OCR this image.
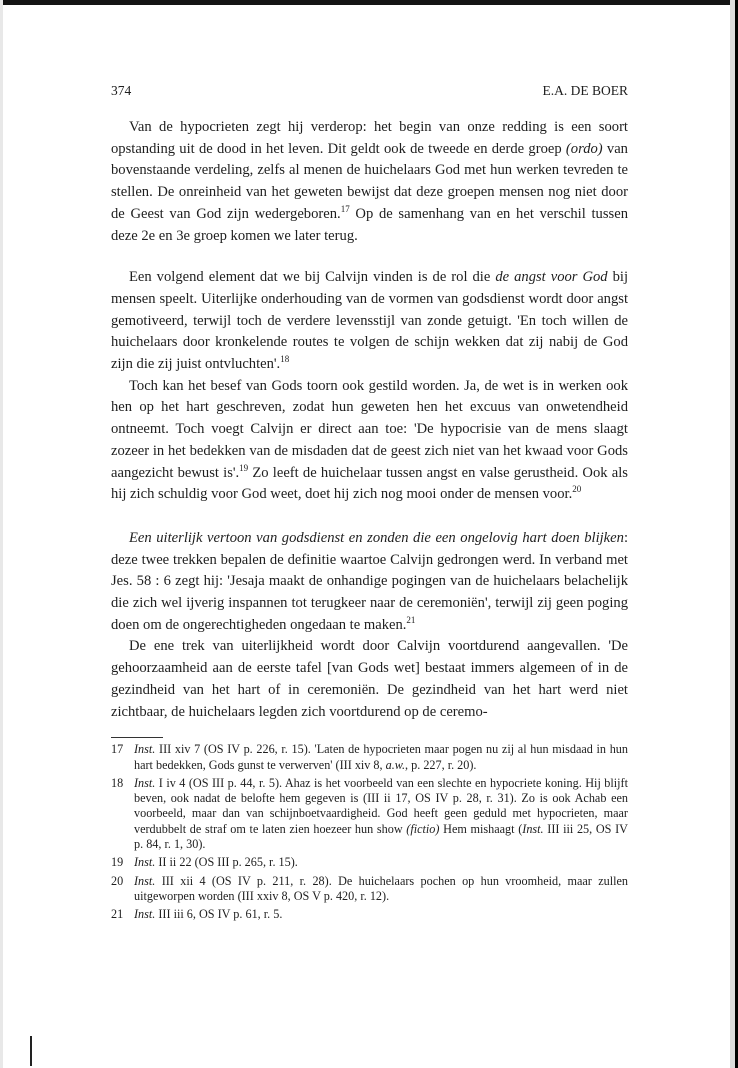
374	E.A. DE BOER

Van de hypocrieten zegt hij verderop: het begin van onze redding is een soort opstanding uit de dood in het leven. Dit geldt ook de tweede en derde groep (ordo) van bovenstaande verdeling, zelfs al menen de huichelaars God met hun werken tevreden te stellen. De onreinheid van het geweten bewijst dat deze groepen mensen nog niet door de Geest van God zijn wedergeboren.$^{17}$ Op de samenhang van en het verschil tussen deze 2e en 3e groep komen we later terug.

Een volgend element dat we bij Calvijn vinden is de rol die de angst voor God bij mensen speelt. Uiterlijke onderhouding van de vormen van godsdienst wordt door angst gemotiveerd, terwijl toch de verdere levensstijl van zonde getuigt. 'En toch willen de huichelaars door kronkelende routes te volgen de schijn wekken dat zij nabij de God zijn die zij juist ontvluchten'.$^{18}$

Toch kan het besef van Gods toorn ook gestild worden. Ja, de wet is in werken ook hen op het hart geschreven, zodat hun geweten hen het excuus van onwetendheid ontneemt. Toch voegt Calvijn er direct aan toe: 'De hypocrisie van de mens slaagt zozeer in het bedekken van de misdaden dat de geest zich niet van het kwaad voor Gods aangezicht bewust is'.$^{19}$ Zo leeft de huichelaar tussen angst en valse gerustheid. Ook als hij zich schuldig voor God weet, doet hij zich nog mooi onder de mensen voor.$^{20}$

Een uiterlijk vertoon van godsdienst en zonden die een ongelovig hart doen blijken: deze twee trekken bepalen de definitie waartoe Calvijn gedrongen werd. In verband met Jes. 58 : 6 zegt hij: 'Jesaja maakt de onhandige pogingen van de huichelaars belachelijk die zich wel ijverig inspannen tot terugkeer naar de ceremoniën', terwijl zij geen poging doen om de ongerechtigheden ongedaan te maken.$^{21}$

De ene trek van uiterlijkheid wordt door Calvijn voortdurend aangevallen. 'De gehoorzaamheid aan de eerste tafel [van Gods wet] bestaat immers algemeen of in de gezindheid van het hart of in ceremoniën. De gezindheid van het hart werd niet zichtbaar, de huichelaars legden zich voortdurend op de ceremo-

17 Inst. III xiv 7 (OS IV p. 226, r. 15). 'Laten de hypocrieten maar pogen nu zij al hun misdaad in hun hart bedekken, Gods gunst te verwerven' (III xiv 8, a.w., p. 227, r. 20).
18 Inst. I iv 4 (OS III p. 44, r. 5). Ahaz is het voorbeeld van een slechte en hypocriete koning. Hij blijft beven, ook nadat de belofte hem gegeven is (III ii 17, OS IV p. 28, r. 31). Zo is ook Achab een voorbeeld, maar dan van schijnboetvaardigheid. God heeft geen geduld met hypocrieten, maar verdubbelt de straf om te laten zien hoezeer hun show (fictio) Hem mishaagt (Inst. III iii 25, OS IV p. 84, r. 1, 30).
19 Inst. II ii 22 (OS III p. 265, r. 15).
20 Inst. III xii 4 (OS IV p. 211, r. 28). De huichelaars pochen op hun vroomheid, maar zullen uitgeworpen worden (III xxiv 8, OS V p. 420, r. 12).
21 Inst. III iii 6, OS IV p. 61, r. 5.
